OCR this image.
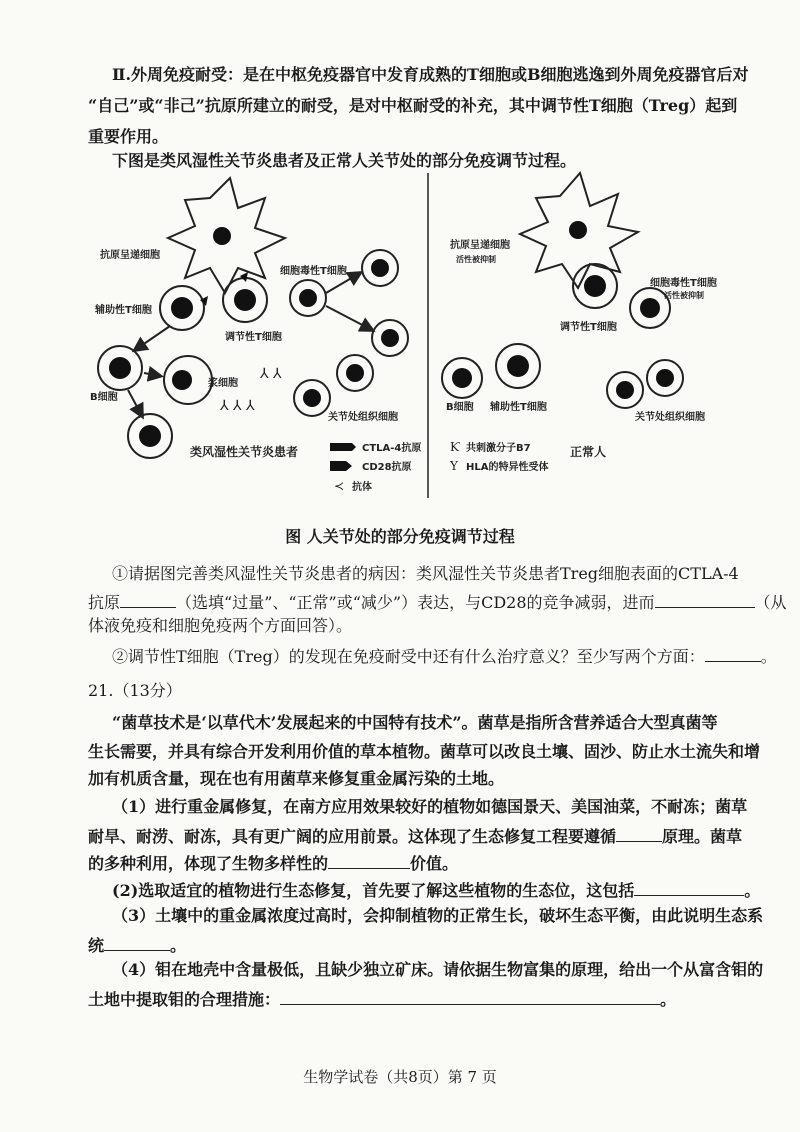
Ⅱ.外周免疫耐受：是在中枢免疫器官中发育成熟的T细胞或B细胞逃逸到外周免疫器官后对
“自己”或“非己”抗原所建立的耐受，是对中枢耐受的补充，其中调节性T细胞（Treg）起到
重要作用。
下图是类风湿性关节炎患者及正常人关节处的部分免疫调节过程。
抗原呈递细胞
辅助性T细胞
调节性T细胞
细胞毒性T细胞
B细胞
浆细胞
⅄ ⅄
⅄ ⅄ ⅄
关节处组织细胞
类风湿性关节炎患者	CTLA-4抗原
CD28抗原
≺ 抗体
Ƙ 共刺激分子B7
Y HLA的特异性受体
抗原呈递细胞
活性被抑制
调节性T细胞
细胞毒性T细胞
活性被抑制
B细胞 辅助性T细胞
关节处组织细胞
正常人
图 人关节处的部分免疫调节过程
①请据图完善类风湿性关节炎患者的病因：类风湿性关节炎患者Treg细胞表面的CTLA-4
抗原	（选填“过量”、“正常”或“减少”）表达，与CD28的竞争减弱，进而	（从
体液免疫和细胞免疫两个方面回答）。
②调节性T细胞（Treg）的发现在免疫耐受中还有什么治疗意义？至少写两个方面：	。
21.（13分）
“菌草技术是‘以草代木’发展起来的中国特有技术”。菌草是指所含营养适合大型真菌等
生长需要，并具有综合开发利用价值的草本植物。菌草可以改良土壤、固沙、防止水土流失和增
加有机质含量，现在也有用菌草来修复重金属污染的土地。
（1）进行重金属修复，在南方应用效果较好的植物如德国景天、美国油菜，不耐冻；菌草
耐旱、耐涝、耐冻，具有更广阔的应用前景。这体现了生态修复工程要遵循	原理。菌草
的多种利用，体现了生物多样性的	价值。
(2)选取适宜的植物进行生态修复，首先要了解这些植物的生态位，这包括	。
（3）土壤中的重金属浓度过高时，会抑制植物的正常生长，破坏生态平衡，由此说明生态系
统	。
（4）钼在地壳中含量极低，且缺少独立矿床。请依据生物富集的原理，给出一个从富含钼的
土地中提取钼的合理措施：	。
生物学试卷（共8页）第 7 页
